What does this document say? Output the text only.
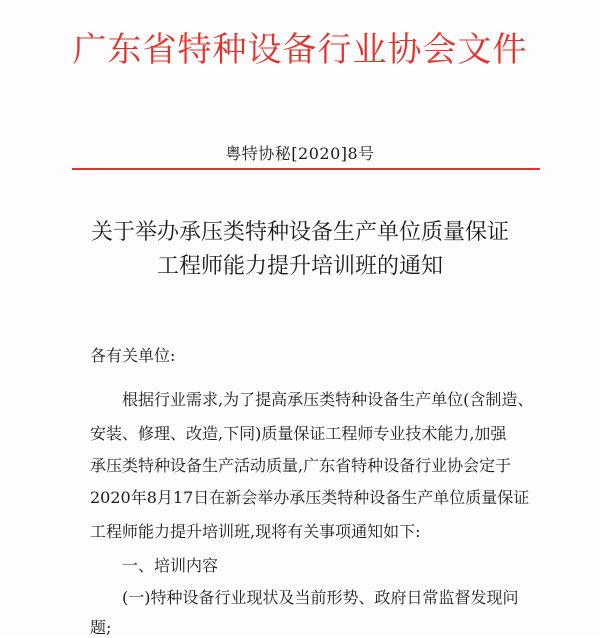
广东省特种设备行业协会文件
粤特协秘[2020]8号
关于举办承压类特种设备生产单位质量保证
工程师能力提升培训班的通知
各有关单位:
根据行业需求,为了提高承压类特种设备生产单位(含制造、
安装、修理、改造,下同)质量保证工程师专业技术能力,加强
承压类特种设备生产活动质量,广东省特种设备行业协会定于
2020年8月17日在新会举办承压类特种设备生产单位质量保证
工程师能力提升培训班,现将有关事项通知如下:
一、培训内容
(一)特种设备行业现状及当前形势、政府日常监督发现问
题;
